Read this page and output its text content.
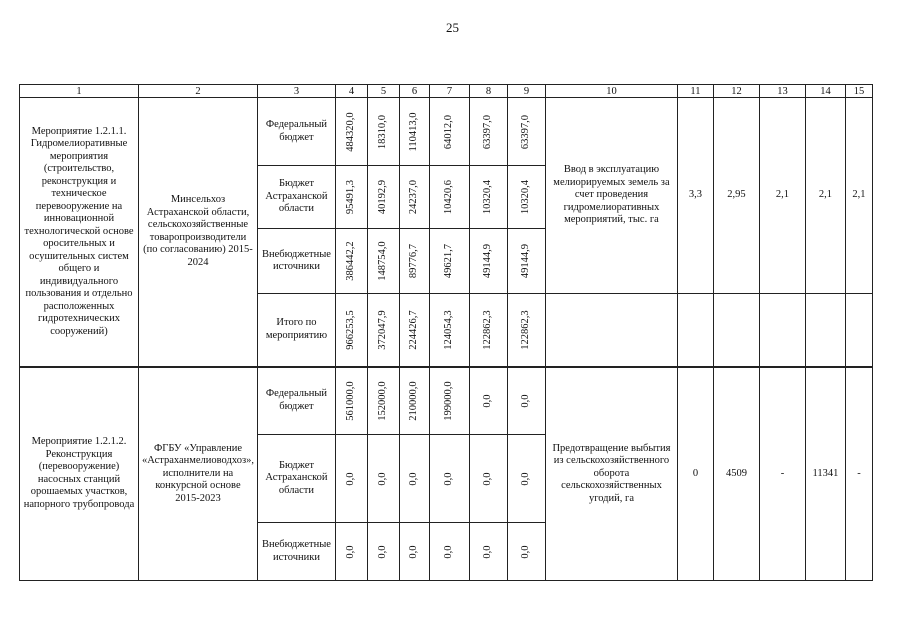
25
1	2	3	4	5	6	7	8	9	10	11	12	13	14	15
Мероприятие 1.2.1.1. Гидромелиоративные мероприятия (строительство, реконструкция и техническое перевооружение на инновационной технологической основе оросительных и осушительных систем общего и индивидуального пользования и отдельно расположенных гидротехнических сооружений)	Минсельхоз Астраханской области, сельскохозяйственные товаропроизводители (по согласованию) 2015-2024	Федеральный бюджет	484320,0	18310,0	110413,0	64012,0	63397,0	63397,0	Ввод в эксплуатацию мелиорируемых земель за счет проведения гидромелиоративных мероприятий, тыс. га	3,3	2,95	2,1	2,1	2,1
		Бюджет Астраханской области	95491,3	40192,9	24237,0	10420,6	10320,4	10320,4						

		Внебюджетные источники	386442,2	148754,0	89776,7	49621,7	49144,9	49144,9						

		Итого по мероприятию	966253,5	372047,9	224426,7	124054,3	122862,3	122862,3						

Мероприятие 1.2.1.2. Реконструкция (перевооружение) насосных станций орошаемых участков, напорного трубопровода	ФГБУ «Управление «Астраханмелиоводхоз», исполнители на конкурсной основе 2015-2023	Федеральный бюджет	561000,0	152000,0	210000,0	199000,0	0,0	0,0	Предотвращение выбытия из сельскохозяйственного оборота сельскохозяйственных угодий, га	0	4509	-	11341	-
		Бюджет Астраханской области	0,0	0,0	0,0	0,0	0,0	0,0						

		Внебюджетные источники	0,0	0,0	0,0	0,0	0,0	0,0						
